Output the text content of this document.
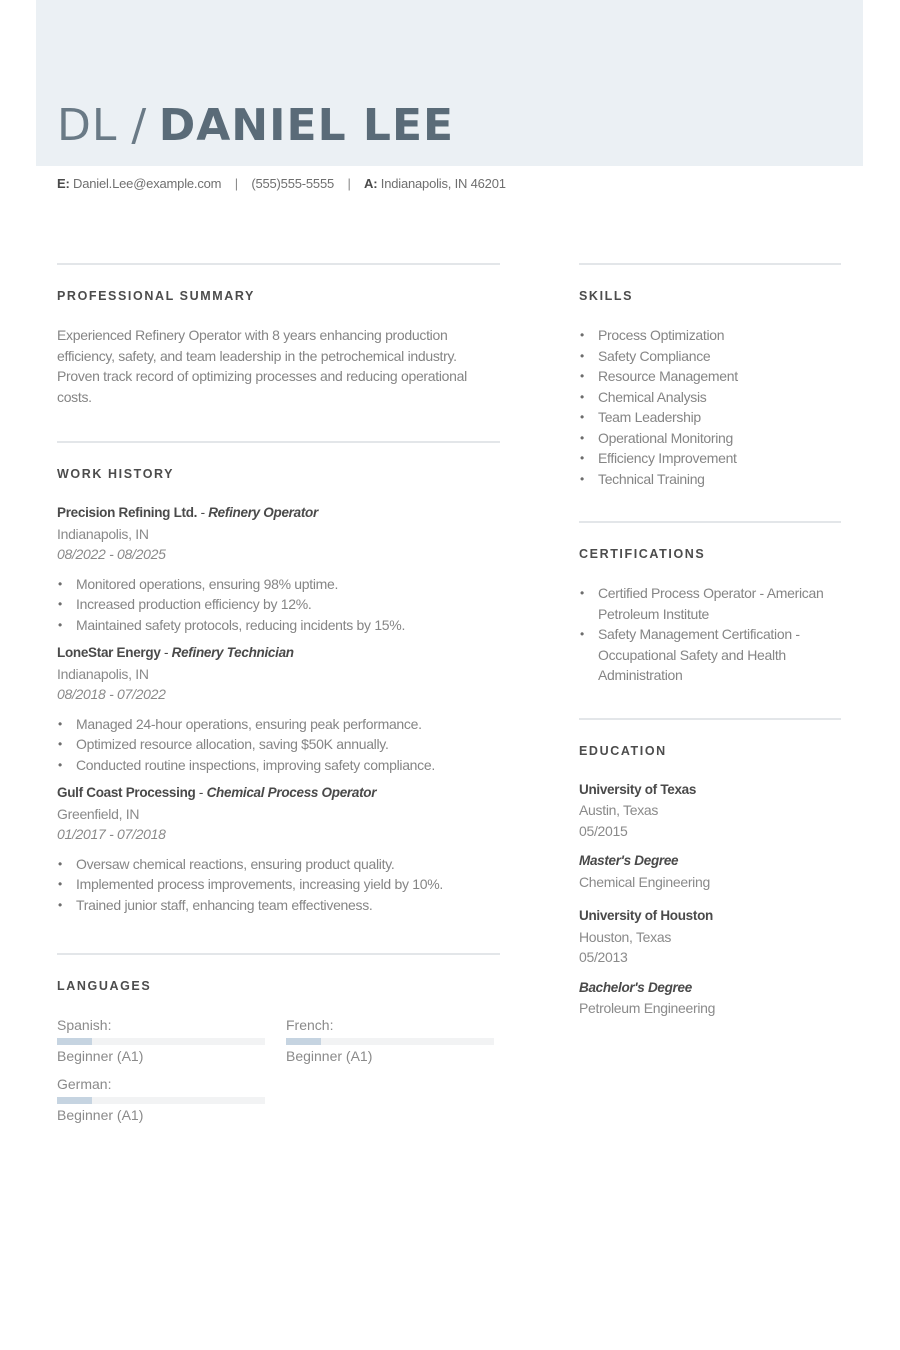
DL / DANIEL LEE
E: Daniel.Lee@example.com | (555)555-5555 | A: Indianapolis, IN 46201
PROFESSIONAL SUMMARY

Experienced Refinery Operator with 8 years enhancing production efficiency, safety, and team leadership in the petrochemical industry. Proven track record of optimizing processes and reducing operational costs.

WORK HISTORY
Precision Refining Ltd. - Refinery Operator
Indianapolis, IN
08/2022 - 08/2025
• Monitored operations, ensuring 98% uptime.
• Increased production efficiency by 12%.
• Maintained safety protocols, reducing incidents by 15%.
LoneStar Energy - Refinery Technician
Indianapolis, IN
08/2018 - 07/2022
• Managed 24-hour operations, ensuring peak performance.
• Optimized resource allocation, saving $50K annually.
• Conducted routine inspections, improving safety compliance.
Gulf Coast Processing - Chemical Process Operator
Greenfield, IN
01/2017 - 07/2018
• Oversaw chemical reactions, ensuring product quality.
• Implemented process improvements, increasing yield by 10%.
• Trained junior staff, enhancing team effectiveness.
LANGUAGES
Spanish:
Beginner (A1)
French:
Beginner (A1)
German:
Beginner (A1)
SKILLS
• Process Optimization
• Safety Compliance
• Resource Management
• Chemical Analysis
• Team Leadership
• Operational Monitoring
• Efficiency Improvement
• Technical Training
CERTIFICATIONS
• Certified Process Operator - American Petroleum Institute
• Safety Management Certification - Occupational Safety and Health Administration
EDUCATION
University of Texas
Austin, Texas
05/2015
Master's Degree
Chemical Engineering
University of Houston
Houston, Texas
05/2013
Bachelor's Degree
Petroleum Engineering
